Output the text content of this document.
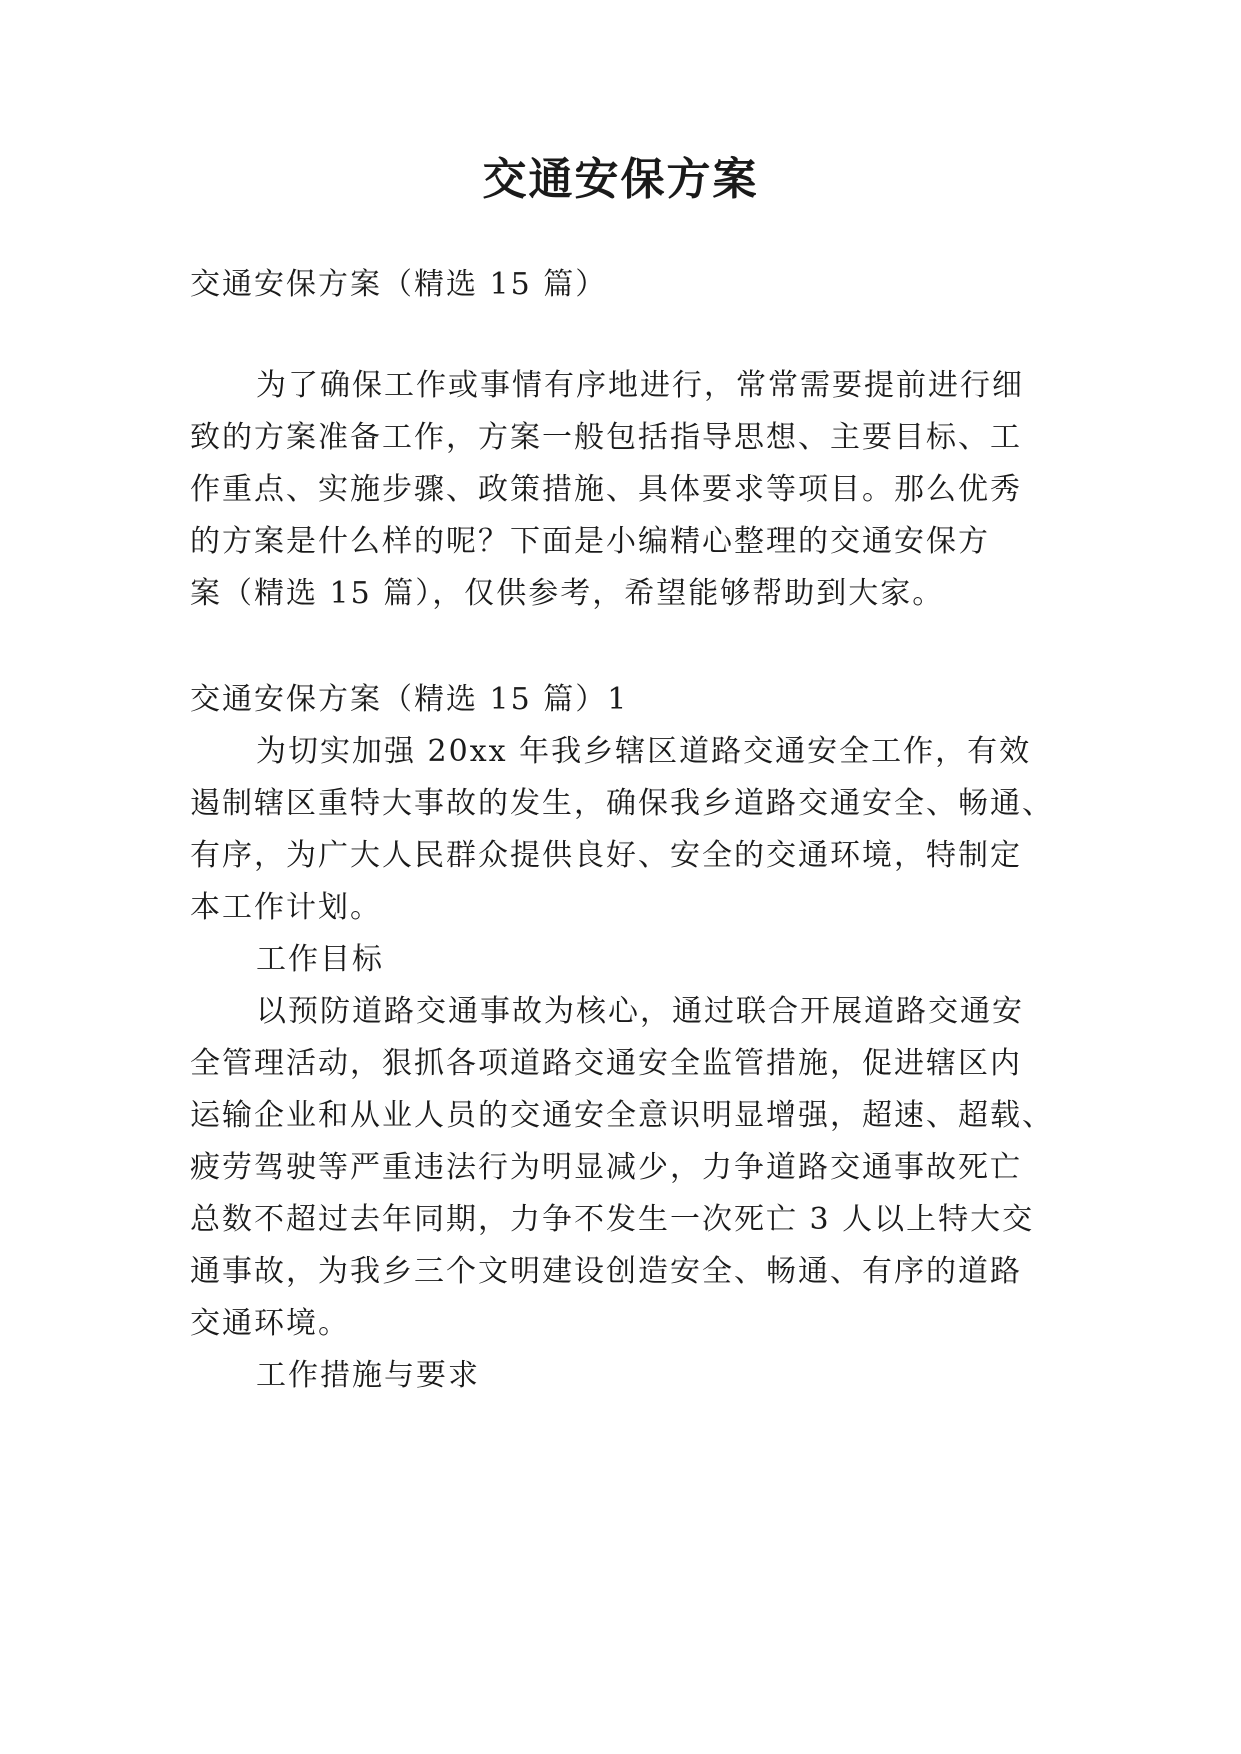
交通安保方案

交通安保方案（精选 15 篇）

为了确保工作或事情有序地进行，常常需要提前进行细

致的方案准备工作，方案一般包括指导思想、主要目标、工

作重点、实施步骤、政策措施、具体要求等项目。那么优秀

的方案是什么样的呢？下面是小编精心整理的交通安保方

案（精选 15 篇），仅供参考，希望能够帮助到大家。

交通安保方案（精选 15 篇）1

为切实加强 20xx 年我乡辖区道路交通安全工作，有效

遏制辖区重特大事故的发生，确保我乡道路交通安全、畅通、

有序，为广大人民群众提供良好、安全的交通环境，特制定

本工作计划。

工作目标

以预防道路交通事故为核心，通过联合开展道路交通安

全管理活动，狠抓各项道路交通安全监管措施，促进辖区内

运输企业和从业人员的交通安全意识明显增强，超速、超载、

疲劳驾驶等严重违法行为明显减少，力争道路交通事故死亡

总数不超过去年同期，力争不发生一次死亡 3 人以上特大交

通事故，为我乡三个文明建设创造安全、畅通、有序的道路

交通环境。

工作措施与要求
